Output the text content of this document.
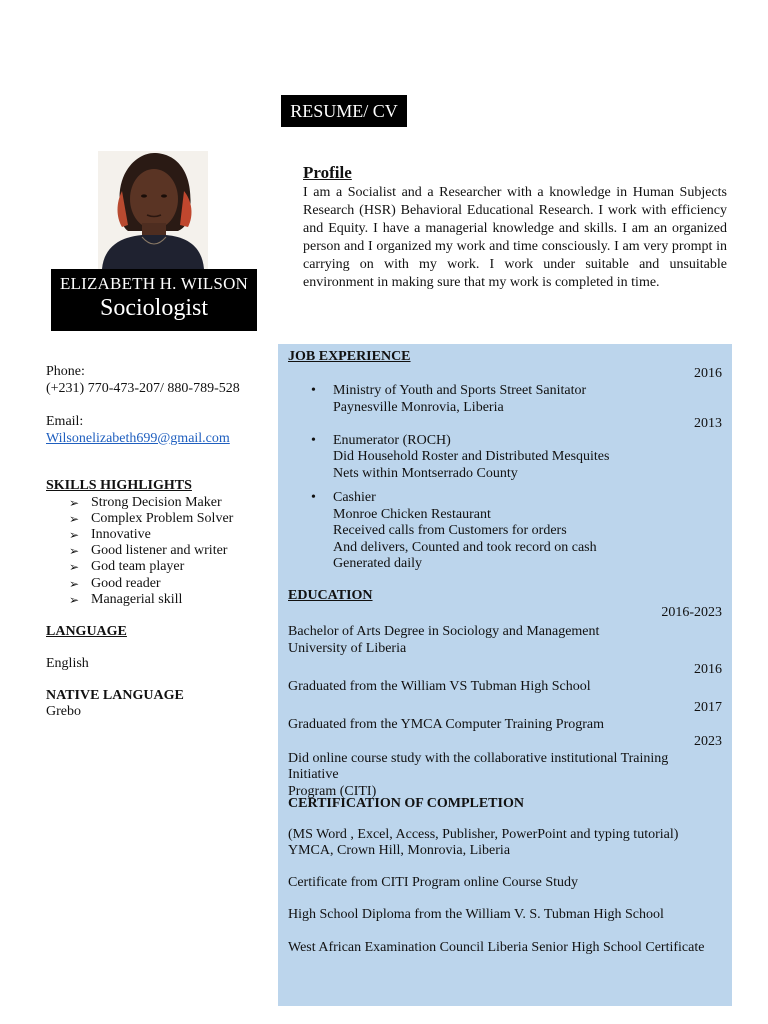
RESUME/ CV
ELIZABETH H. WILSON
Sociologist
Profile

I am a Socialist and a Researcher with a knowledge in Human Subjects Research (HSR) Behavioral Educational Research. I work with efficiency and Equity. I have a managerial knowledge and skills. I am an organized person and I organized my work and time consciously. I am very prompt in carrying on with my work. I work under suitable and unsuitable environment in making sure that my work is completed in time.

Phone:
(+231) 770-473-207/ 880-789-528
Email:
Wilsonelizabeth699@gmail.com
SKILLS HIGHLIGHTS
➢ Strong Decision Maker
➢ Complex Problem Solver
➢ Innovative
➢ Good listener and writer
➢ God team player
➢ Good reader
➢ Managerial skill
LANGUAGE
English
NATIVE LANGUAGE
Grebo
JOB EXPERIENCE
2016
• Ministry of Youth and Sports Street Sanitator
Paynesville Monrovia, Liberia
2013
• Enumerator (ROCH)
Did Household Roster and Distributed Mesquites
Nets within Montserrado County
• Cashier
Monroe Chicken Restaurant
Received calls from Customers for orders
And delivers, Counted and took record on cash
Generated daily
EDUCATION
2016-2023
Bachelor of Arts Degree in Sociology and Management
University of Liberia
2016
Graduated from the William VS Tubman High School
2017
Graduated from the YMCA Computer Training Program
2023
Did online course study with the collaborative institutional Training Initiative
Program (CITI)
CERTIFICATION OF COMPLETION
(MS Word , Excel, Access, Publisher, PowerPoint and typing tutorial)
YMCA, Crown Hill, Monrovia, Liberia
Certificate from CITI Program online Course Study
High School Diploma from the William V. S. Tubman High School
West African Examination Council Liberia Senior High School Certificate
